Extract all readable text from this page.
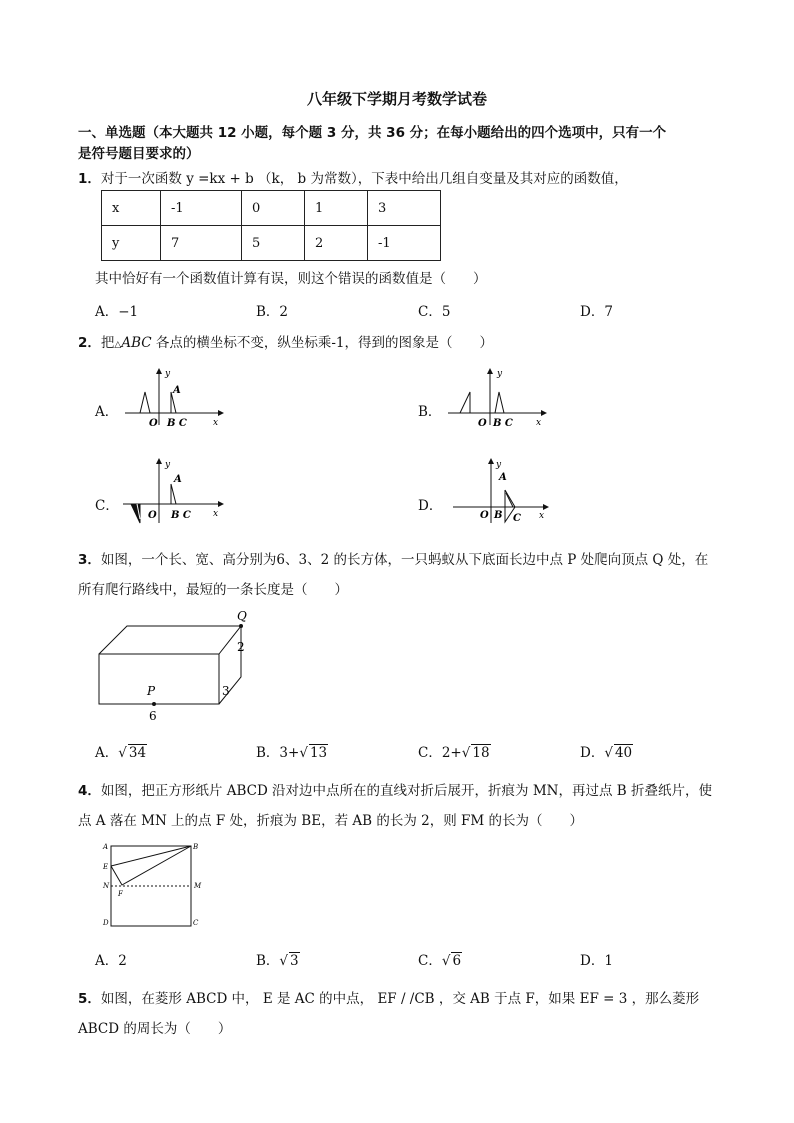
八年级下学期月考数学试卷
一、单选题（本大题共 12 小题，每个题 3 分，共 36 分；在每小题给出的四个选项中，只有一个
是符号题目要求的）
1．对于一次函数 y =kx + b （k， b 为常数），下表中给出几组自变量及其对应的函数值，
x	-1	0	1	3
y	7	5	2	-1
其中恰好有一个函数值计算有误，则这个错误的函数值是（　　）
A．−1	B．2	C．5	D．7
2．把△ABC 各点的横坐标不变，纵坐标乘-1，得到的图象是（　　）
A．
y
A
O B C	x
B．
y
O B C	x
C．
y
A
O B C x	D．
y
A
O B C x
3．如图，一个长、宽、高分别为6、3、2 的长方体，一只蚂蚁从下底面长边中点 P 处爬向顶点 Q 处，在
所有爬行路线中，最短的一条长度是（　　）
Q
2
3
P
6
A．√ 34	B．3+√ 13	C．2+√ 18	D．√ 40
4．如图，把正方形纸片 ABCD 沿对边中点所在的直线对折后展开，折痕为 MN，再过点 B 折叠纸片，使
点 A 落在 MN 上的点 F 处，折痕为 BE，若 AB 的长为 2，则 FM 的长为（　　）
A	B
E
N
F
M
D	C
A．2	B．√ 3	C．√ 6	D．1
5．如图，在菱形 ABCD 中， E 是 AC 的中点， EF / /CB ，交 AB 于点 F，如果 EF = 3 ，那么菱形
ABCD 的周长为（　　）
